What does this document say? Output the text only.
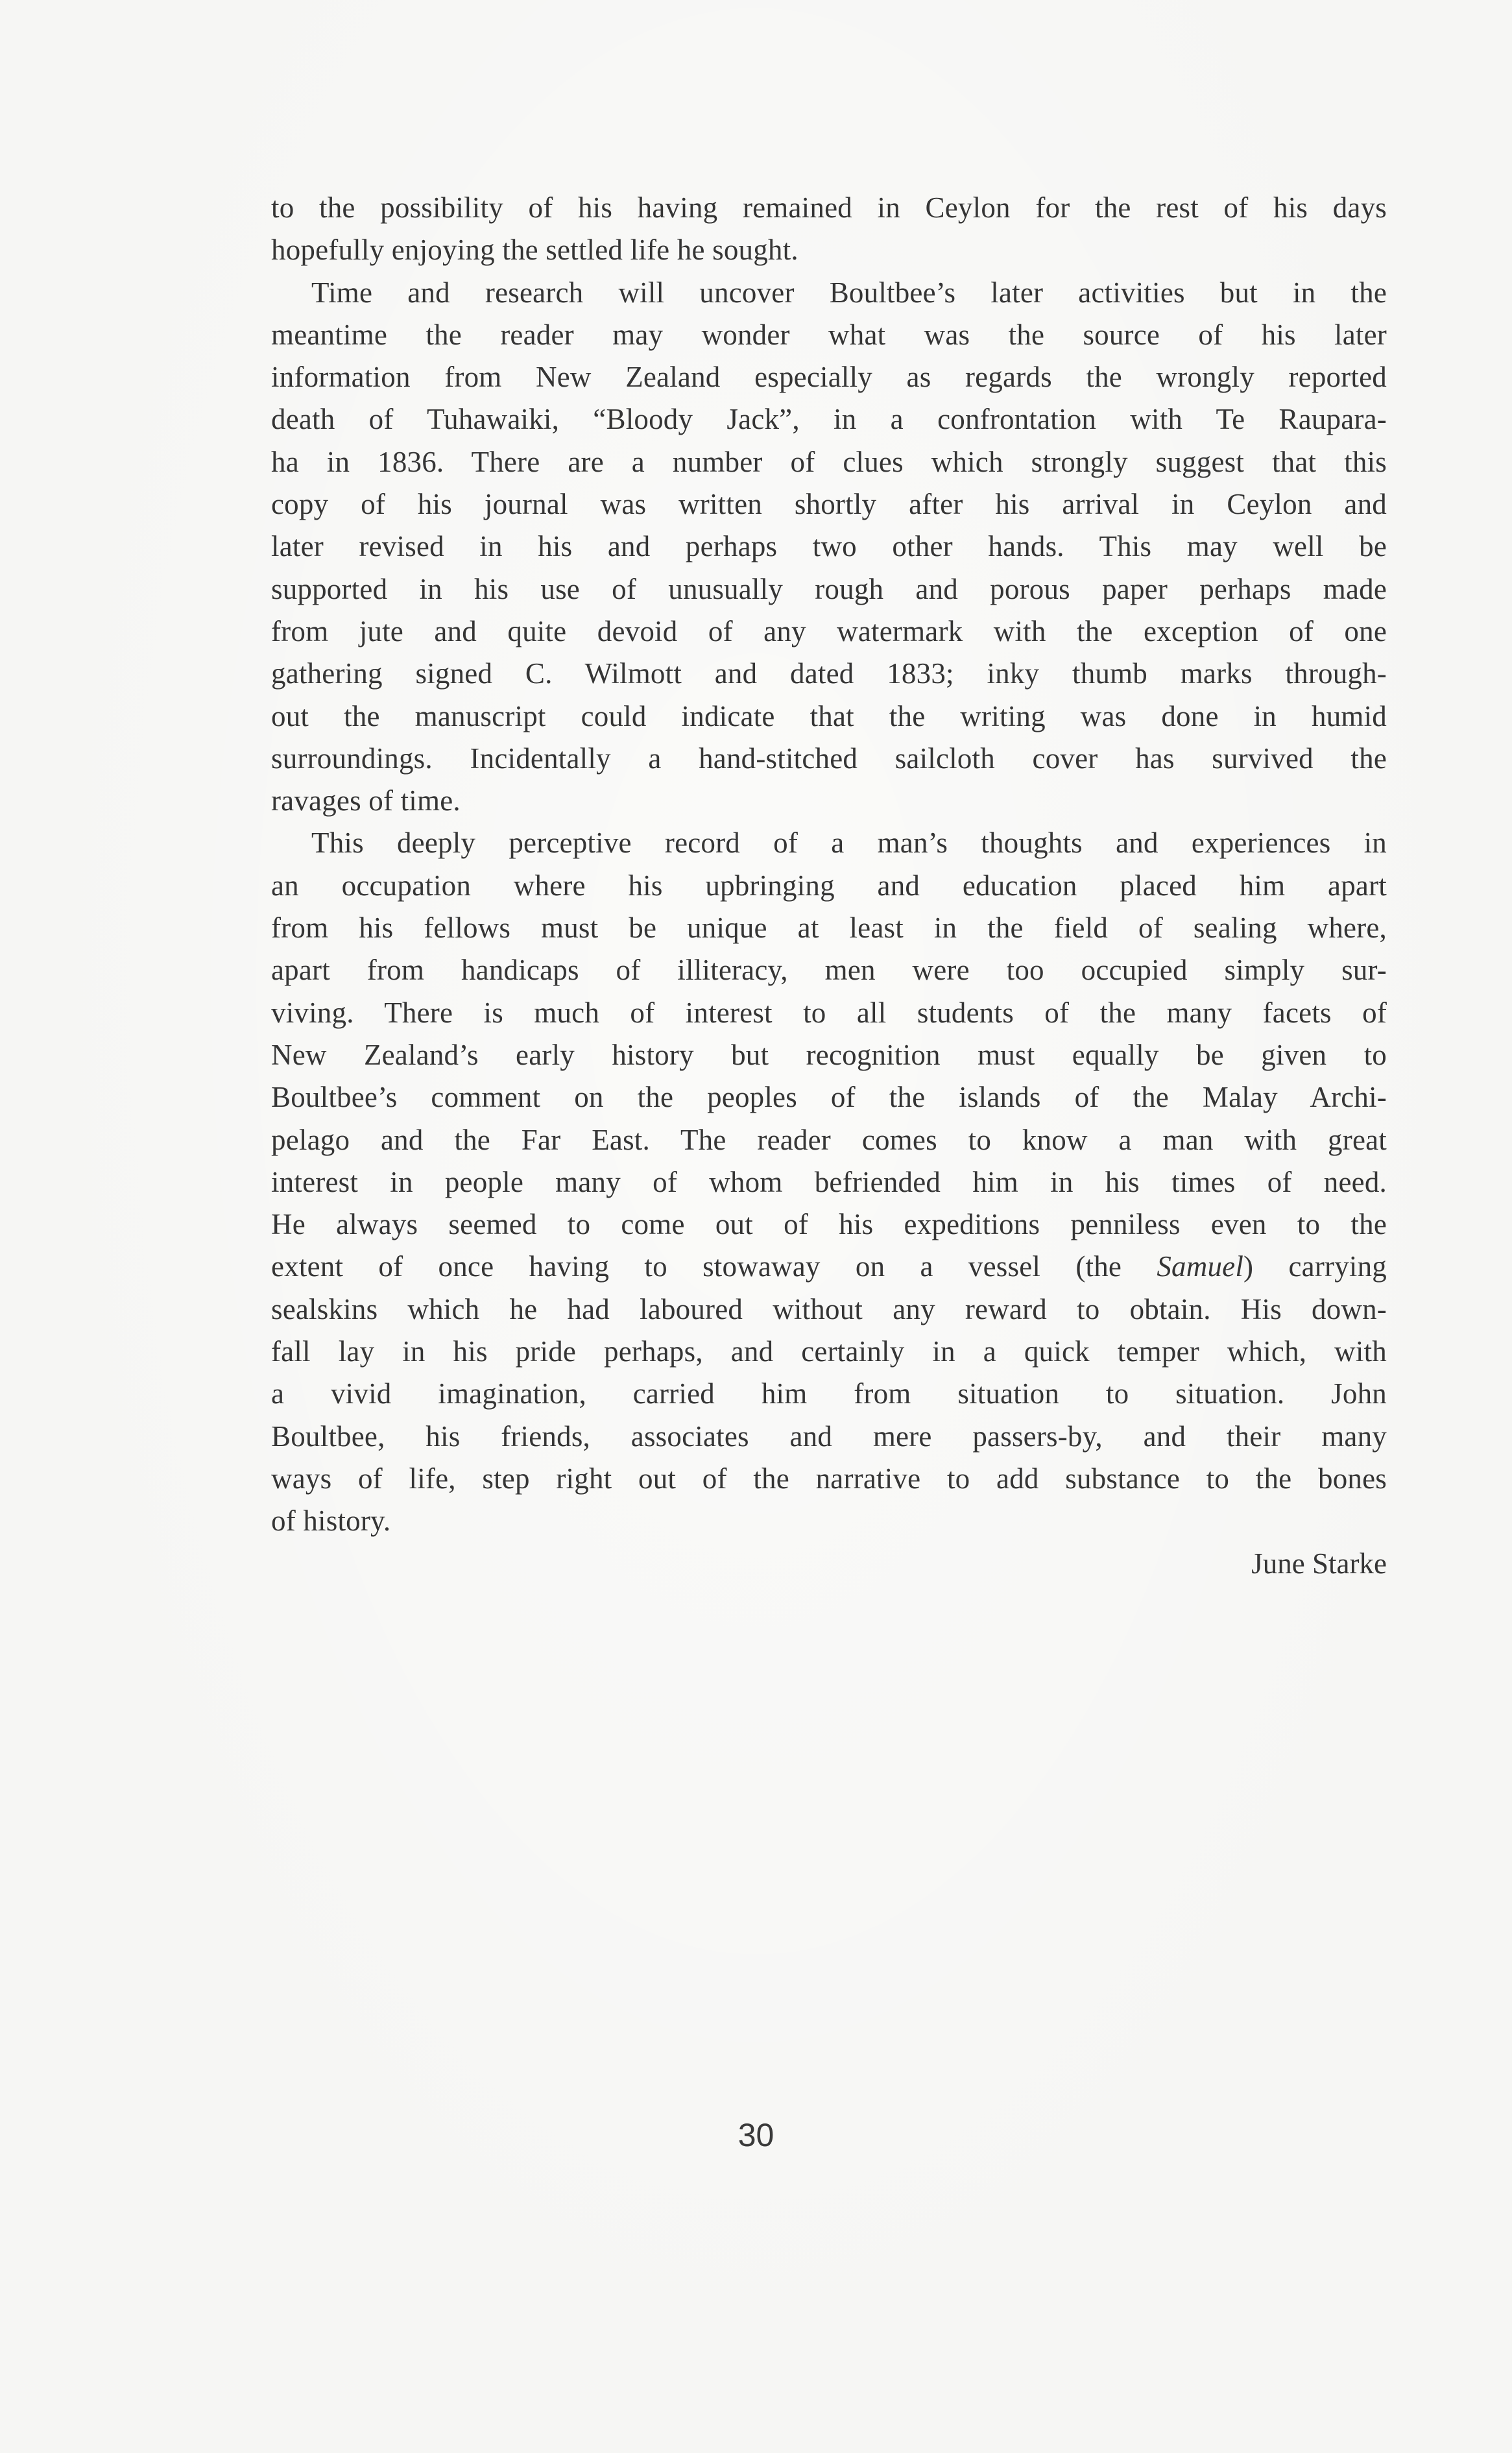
to the possibility of his having remained in Ceylon for the rest of his days
hopefully enjoying the settled life he sought.
Time and research will uncover Boultbee’s later activities but in the
meantime the reader may wonder what was the source of his later
information from New Zealand especially as regards the wrongly reported
death of Tuhawaiki, “Bloody Jack”, in a confrontation with Te Raupara-
ha in 1836. There are a number of clues which strongly suggest that this
copy of his journal was written shortly after his arrival in Ceylon and
later revised in his and perhaps two other hands. This may well be
supported in his use of unusually rough and porous paper perhaps made
from jute and quite devoid of any watermark with the exception of one
gathering signed C. Wilmott and dated 1833; inky thumb marks through-
out the manuscript could indicate that the writing was done in humid
surroundings. Incidentally a hand-stitched sailcloth cover has survived the
ravages of time.
This deeply perceptive record of a man’s thoughts and experiences in
an occupation where his upbringing and education placed him apart
from his fellows must be unique at least in the field of sealing where,
apart from handicaps of illiteracy, men were too occupied simply sur-
viving. There is much of interest to all students of the many facets of
New Zealand’s early history but recognition must equally be given to
Boultbee’s comment on the peoples of the islands of the Malay Archi-
pelago and the Far East. The reader comes to know a man with great
interest in people many of whom befriended him in his times of need.
He always seemed to come out of his expeditions penniless even to the
extent of once having to stowaway on a vessel (the Samuel) carrying
sealskins which he had laboured without any reward to obtain. His down-
fall lay in his pride perhaps, and certainly in a quick temper which, with
a vivid imagination, carried him from situation to situation. John
Boultbee, his friends, associates and mere passers-by, and their many
ways of life, step right out of the narrative to add substance to the bones
of history.
June Starke
30
